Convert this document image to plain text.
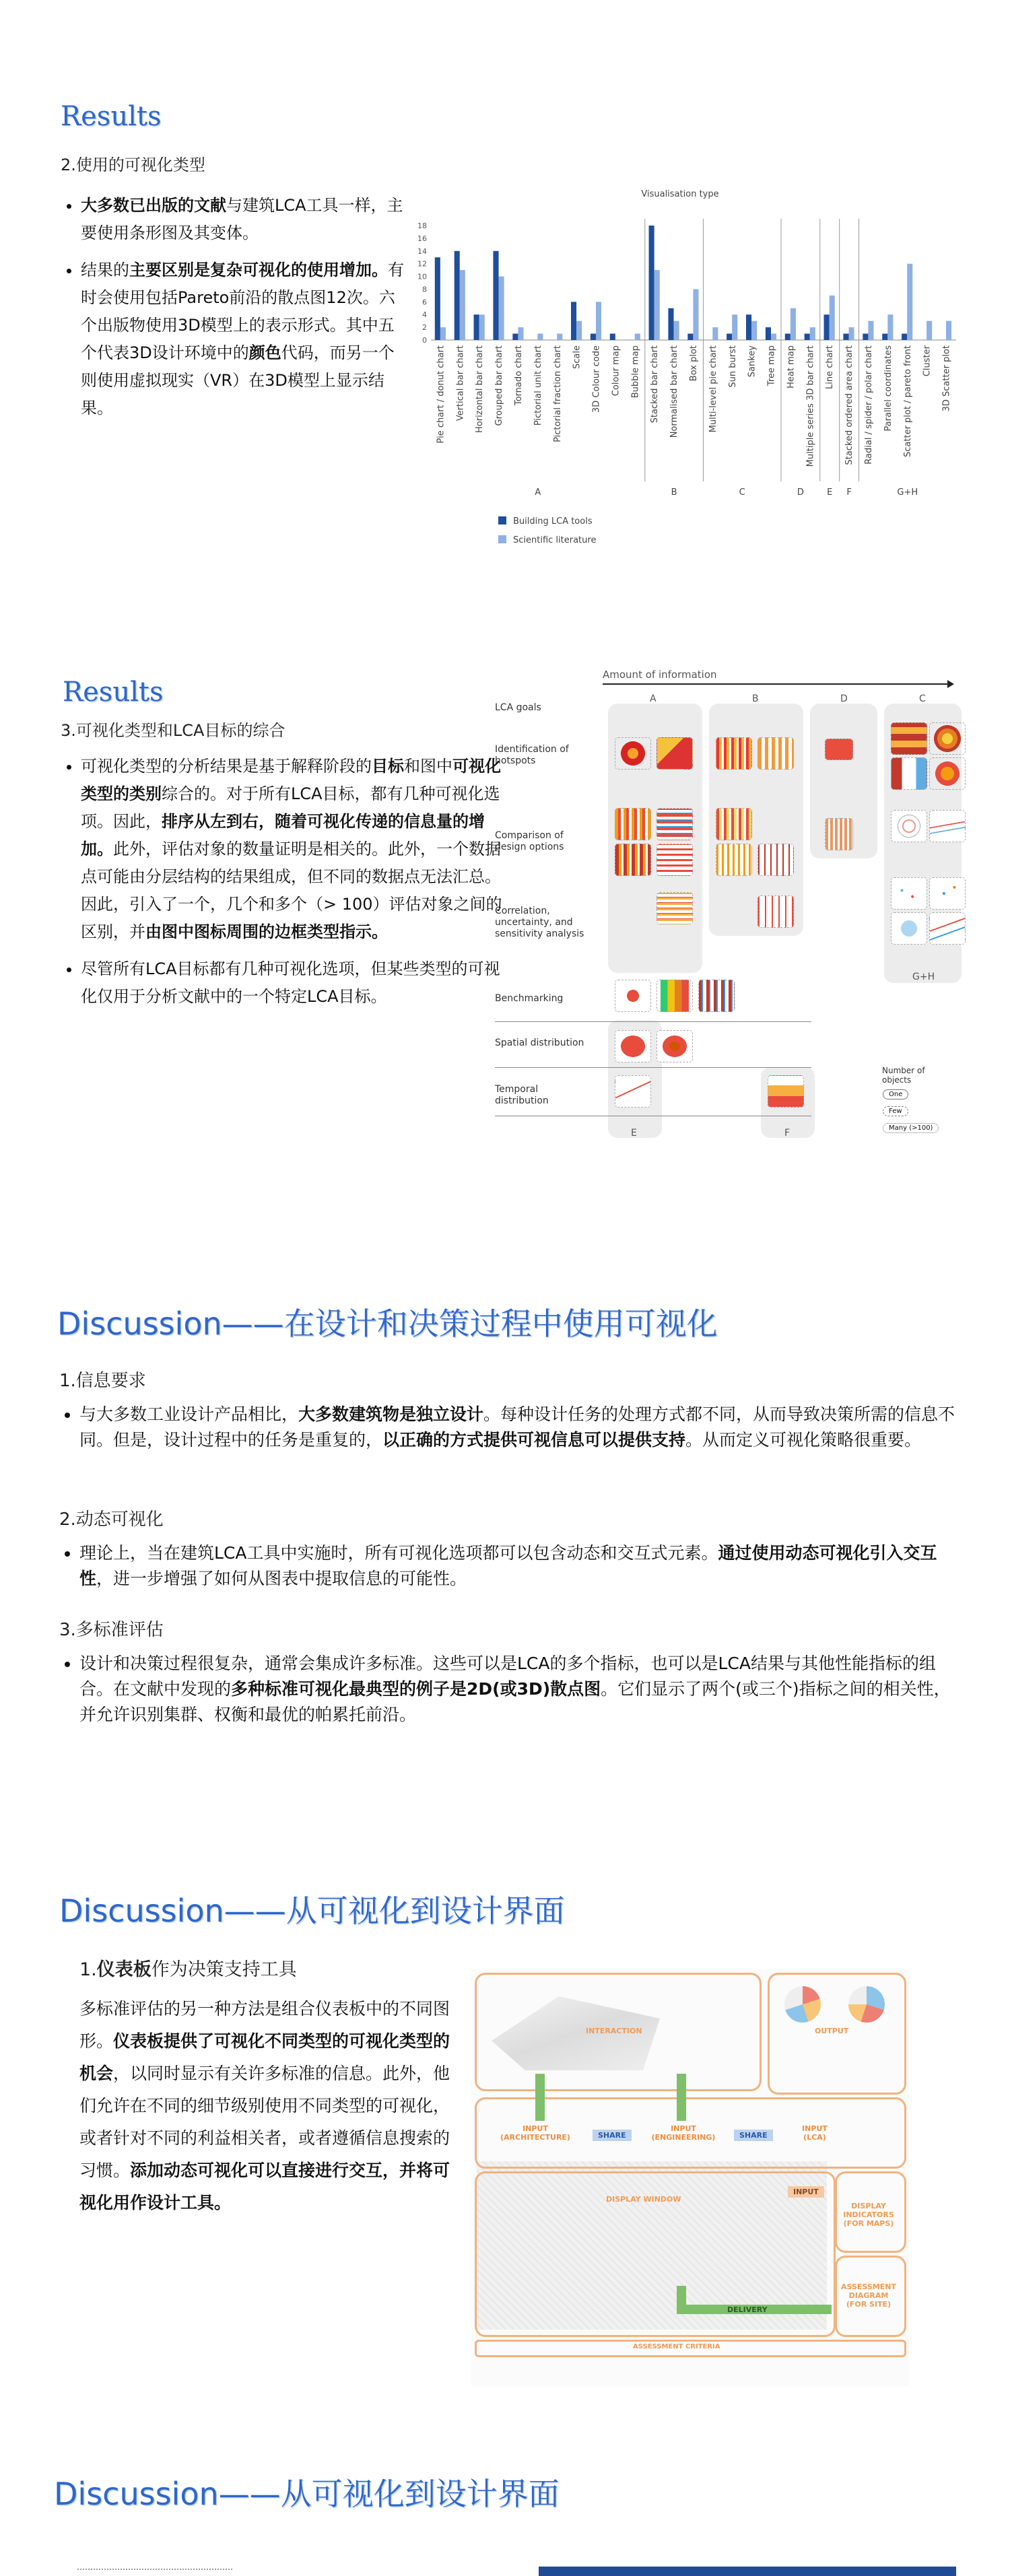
Results
2.使用的可视化类型
• 大多数已出版的文献与建筑LCA工具一样，主要使用条形图及其变体。
• 结果的主要区别是复杂可视化的使用增加。有时会使用包括Pareto前沿的散点图12次。六个出版物使用3D模型上的表示形式。其中五个代表3D设计环境中的颜色代码，而另一个则使用虚拟现实（VR）在3D模型上显示结果。
Visualisation type
0
2
4
6
8
10
12
14
16
18
Pie chart / donut chart Vertical bar chart Horizontal bar chart Grouped bar chart Tornado chart Pictorial unit chart Pictorial fraction chart Scale 3D Colour code Colour map Bubble map Stacked bar chart Normalised bar chart Box plot Multi-level pie chart Sun burst Sankey Tree map Heat map Multiple series 3D bar chart Line chart Stacked ordered area chart Radial / spider / polar chart Parallel coordinates Scatter plot / pareto front Cluster 3D Scatter plot
A	B	C	D	E F	G+H
Building LCA tools
Scientific literature
Results
3.可视化类型和LCA目标的综合
• 可视化类型的分析结果是基于解释阶段的目标和图中可视化类型的类别综合的。对于所有LCA目标，都有几种可视化选项。因此，排序从左到右，随着可视化传递的信息量的增加。此外，评估对象的数量证明是相关的。此外，一个数据点可能由分层结构的结果组成，但不同的数据点无法汇总。因此，引入了一个，几个和多个（> 100）评估对象之间的区别，并由图中图标周围的边框类型指示。
• 尽管所有LCA目标都有几种可视化选项，但某些类型的可视化仅用于分析文献中的一个特定LCA目标。
Amount of information
LCA goals
A	B	D	C
G+H
E	F
Identification of hotspots
Comparison of design options
Correlation, uncertainty, and sensitivity analysis
Benchmarking
Spatial distribution
Temporal distribution
Number of objects
One
Few
Many (>100)
Discussion——在设计和决策过程中使用可视化
1.信息要求
• 与大多数工业设计产品相比，大多数建筑物是独立设计。每种设计任务的处理方式都不同，从而导致决策所需的信息不同。但是，设计过程中的任务是重复的，以正确的方式提供可视信息可以提供支持。从而定义可视化策略很重要。
2.动态可视化
• 理论上，当在建筑LCA工具中实施时，所有可视化选项都可以包含动态和交互式元素。通过使用动态可视化引入交互性，进一步增强了如何从图表中提取信息的可能性。
3.多标准评估
• 设计和决策过程很复杂，通常会集成许多标准。这些可以是LCA的多个指标，也可以是LCA结果与其他性能指标的组合。在文献中发现的多种标准可视化最典型的例子是2D(或3D)散点图。它们显示了两个(或三个)指标之间的相关性，并允许识别集群、权衡和最优的帕累托前沿。
Discussion——从可视化到设计界面
1.仪表板作为决策支持工具
多标准评估的另一种方法是组合仪表板中的不同图形。仪表板提供了可视化不同类型的可视化类型的机会，以同时显示有关许多标准的信息。此外，他们允许在不同的细节级别使用不同类型的可视化，或者针对不同的利益相关者，或者遵循信息搜索的习惯。添加动态可视化可以直接进行交互，并将可视化用作设计工具。
INTERACTION	OUTPUT
INPUT
(ARCHITECTURE)
INPUT
(ENGINEERING)
INPUT
(LCA)
SHARE	SHARE
DISPLAY WINDOW
DISPLAY
INDICATORS
(FOR MAPS)
ASSESSMENT
DIAGRAM
(FOR SITE)
INPUT
DELIVERY
ASSESSMENT CRITERIA
Discussion——从可视化到设计界面
